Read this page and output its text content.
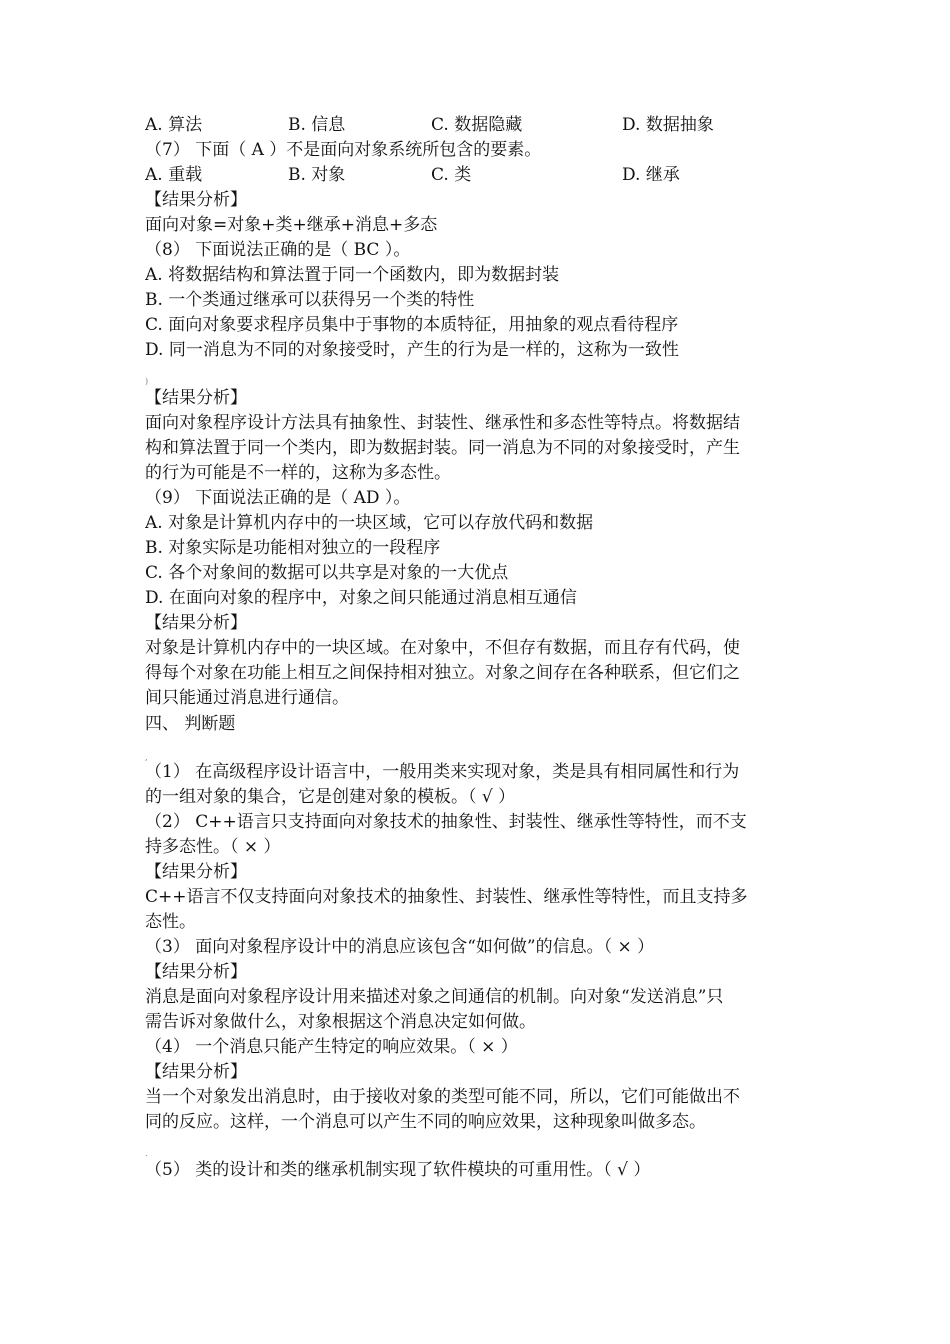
A. 算法	B. 信息	C. 数据隐藏	D. 数据抽象
（7） 下面（ A ）不是面向对象系统所包含的要素。
A. 重载	B. 对象	C. 类	D. 继承
【结果分析】
面向对象=对象+类+继承+消息+多态
（8） 下面说法正确的是（ BC ）。
A. 将数据结构和算法置于同一个函数内，即为数据封装
B. 一个类通过继承可以获得另一个类的特性
C. 面向对象要求程序员集中于事物的本质特征，用抽象的观点看待程序
D. 同一消息为不同的对象接受时，产生的行为是一样的，这称为一致性
)
【结果分析】
面向对象程序设计方法具有抽象性、封装性、继承性和多态性等特点。将数据结
构和算法置于同一个类内，即为数据封装。同一消息为不同的对象接受时，产生
的行为可能是不一样的，这称为多态性。
（9） 下面说法正确的是（ AD ）。
A. 对象是计算机内存中的一块区域，它可以存放代码和数据
B. 对象实际是功能相对独立的一段程序
C. 各个对象间的数据可以共享是对象的一大优点
D. 在面向对象的程序中，对象之间只能通过消息相互通信
【结果分析】
对象是计算机内存中的一块区域。在对象中，不但存有数据，而且存有代码，使
得每个对象在功能上相互之间保持相对独立。对象之间存在各种联系，但它们之
间只能通过消息进行通信。
四、 判断题
,
（1） 在高级程序设计语言中，一般用类来实现对象，类是具有相同属性和行为
的一组对象的集合，它是创建对象的模板。（ √ ）
（2） C++语言只支持面向对象技术的抽象性、封装性、继承性等特性，而不支
持多态性。（ × ）
【结果分析】
C++语言不仅支持面向对象技术的抽象性、封装性、继承性等特性，而且支持多
态性。
（3） 面向对象程序设计中的消息应该包含“如何做”的信息。（ × ）
【结果分析】
消息是面向对象程序设计用来描述对象之间通信的机制。向对象“发送消息”只
需告诉对象做什么，对象根据这个消息决定如何做。
（4） 一个消息只能产生特定的响应效果。（ × ）
【结果分析】
当一个对象发出消息时，由于接收对象的类型可能不同，所以，它们可能做出不
同的反应。这样，一个消息可以产生不同的响应效果，这种现象叫做多态。
.
（5） 类的设计和类的继承机制实现了软件模块的可重用性。（ √ ）
